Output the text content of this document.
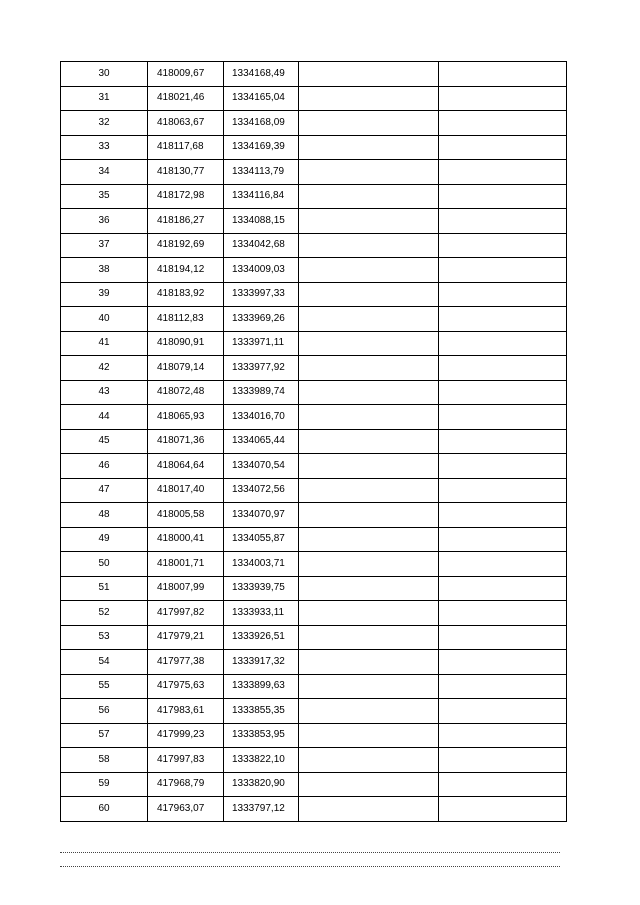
30	418009,67	1334168,49		
31	418021,46	1334165,04		
32	418063,67	1334168,09		
33	418117,68	1334169,39		
34	418130,77	1334113,79		
35	418172,98	1334116,84		
36	418186,27	1334088,15		
37	418192,69	1334042,68		
38	418194,12	1334009,03		
39	418183,92	1333997,33		
40	418112,83	1333969,26		
41	418090,91	1333971,11		
42	418079,14	1333977,92		
43	418072,48	1333989,74		
44	418065,93	1334016,70		
45	418071,36	1334065,44		
46	418064,64	1334070,54		
47	418017,40	1334072,56		
48	418005,58	1334070,97		
49	418000,41	1334055,87		
50	418001,71	1334003,71		
51	418007,99	1333939,75		
52	417997,82	1333933,11		
53	417979,21	1333926,51		
54	417977,38	1333917,32		
55	417975,63	1333899,63		
56	417983,61	1333855,35		
57	417999,23	1333853,95		
58	417997,83	1333822,10		
59	417968,79	1333820,90		
60	417963,07	1333797,12		
